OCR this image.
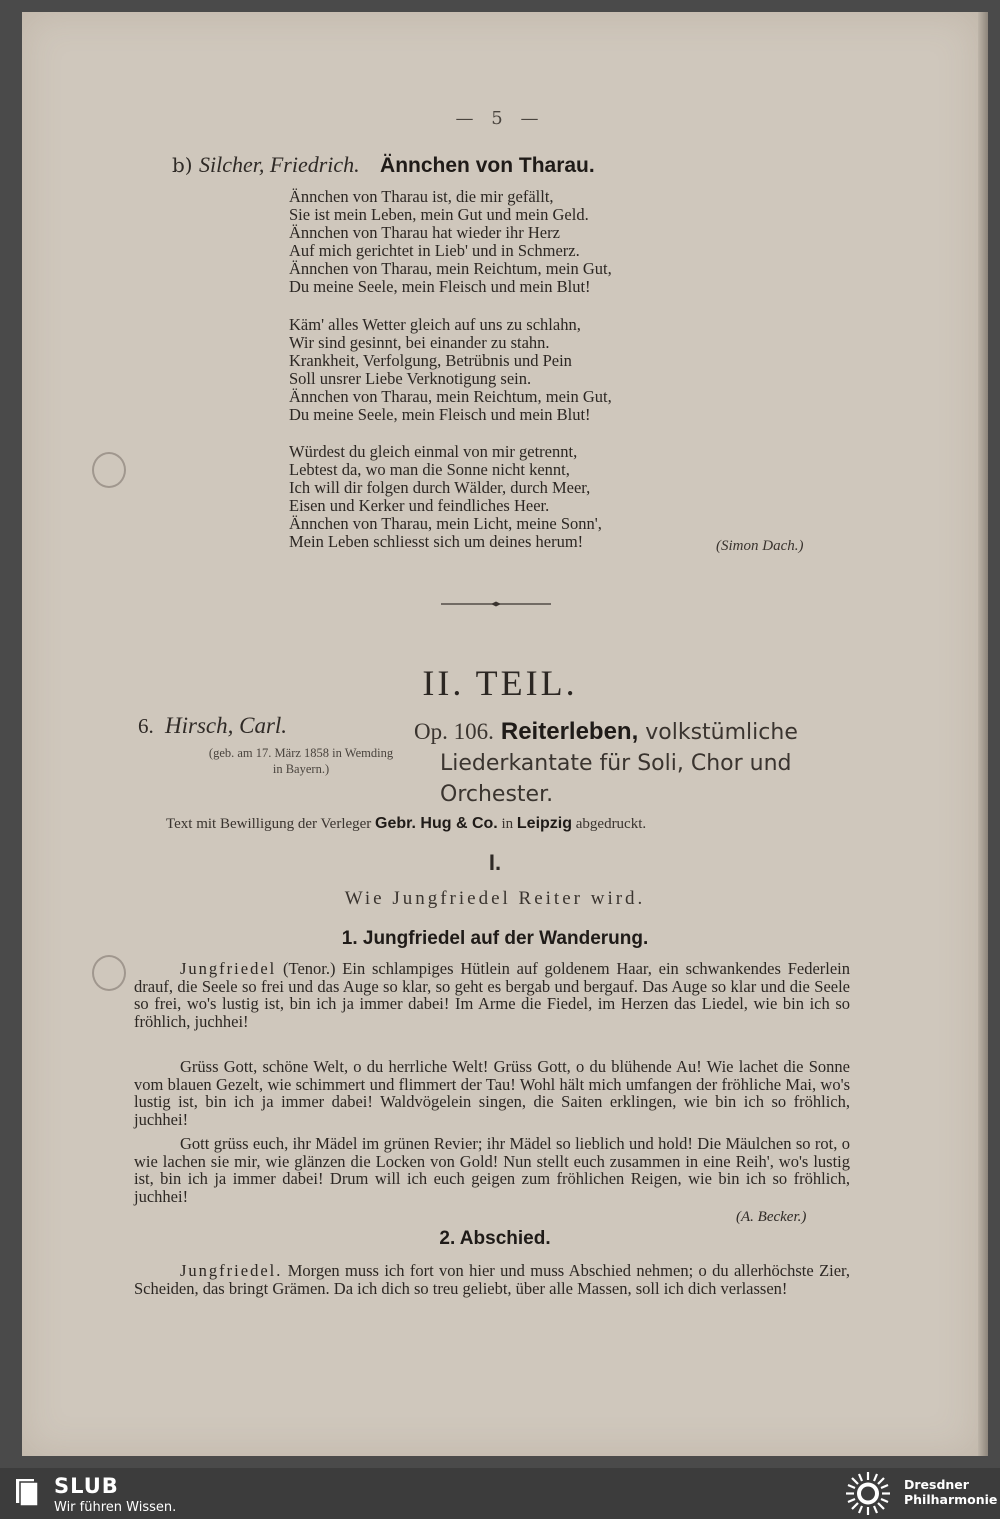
— 5 —
b) Silcher, Friedrich. Ännchen von Tharau.
Ännchen von Tharau ist, die mir gefällt,
Sie ist mein Leben, mein Gut und mein Geld.
Ännchen von Tharau hat wieder ihr Herz
Auf mich gerichtet in Lieb' und in Schmerz.
Ännchen von Tharau, mein Reichtum, mein Gut,
Du meine Seele, mein Fleisch und mein Blut!
Käm' alles Wetter gleich auf uns zu schlahn,
Wir sind gesinnt, bei einander zu stahn.
Krankheit, Verfolgung, Betrübnis und Pein
Soll unsrer Liebe Verknotigung sein.
Ännchen von Tharau, mein Reichtum, mein Gut,
Du meine Seele, mein Fleisch und mein Blut!
Würdest du gleich einmal von mir getrennt,
Lebtest da, wo man die Sonne nicht kennt,
Ich will dir folgen durch Wälder, durch Meer,
Eisen und Kerker und feindliches Heer.
Ännchen von Tharau, mein Licht, meine Sonn',
Mein Leben schliesst sich um deines herum!	(Simon Dach.)
II. TEIL.
6. Hirsch, Carl.
(geb. am 17. März 1858 in Wemding
in Bayern.)
Op. 106. Reiterleben, volkstümliche
Liederkantate für Soli, Chor und
Orchester.
Text mit Bewilligung der Verleger Gebr. Hug & Co. in Leipzig abgedruckt.
I.
Wie Jungfriedel Reiter wird.
1. Jungfriedel auf der Wanderung.
Jungfriedel (Tenor.) Ein schlampiges Hütlein auf goldenem Haar, ein schwankendes Federlein drauf, die Seele so frei und das Auge so klar, so geht es bergab und bergauf. Das Auge so klar und die Seele so frei, wo's lustig ist, bin ich ja immer dabei! Im Arme die Fiedel, im Herzen das Liedel, wie bin ich so fröhlich, juchhei!
Grüss Gott, schöne Welt, o du herrliche Welt! Grüss Gott, o du blühende Au! Wie lachet die Sonne vom blauen Gezelt, wie schimmert und flimmert der Tau! Wohl hält mich umfangen der fröhliche Mai, wo's lustig ist, bin ich ja immer dabei! Waldvögelein singen, die Saiten erklingen, wie bin ich so fröhlich, juchhei!
Gott grüss euch, ihr Mädel im grünen Revier; ihr Mädel so lieblich und hold! Die Mäulchen so rot, o wie lachen sie mir, wie glänzen die Locken von Gold! Nun stellt euch zusammen in eine Reih', wo's lustig ist, bin ich ja immer dabei! Drum will ich euch geigen zum fröhlichen Reigen, wie bin ich so fröhlich, juchhei!
(A. Becker.)
2. Abschied.
Jungfriedel. Morgen muss ich fort von hier und muss Abschied nehmen; o du allerhöchste Zier, Scheiden, das bringt Grämen. Da ich dich so treu geliebt, über alle Massen, soll ich dich verlassen!
SLUB
Wir führen Wissen.
Dresdner
Philharmonie
